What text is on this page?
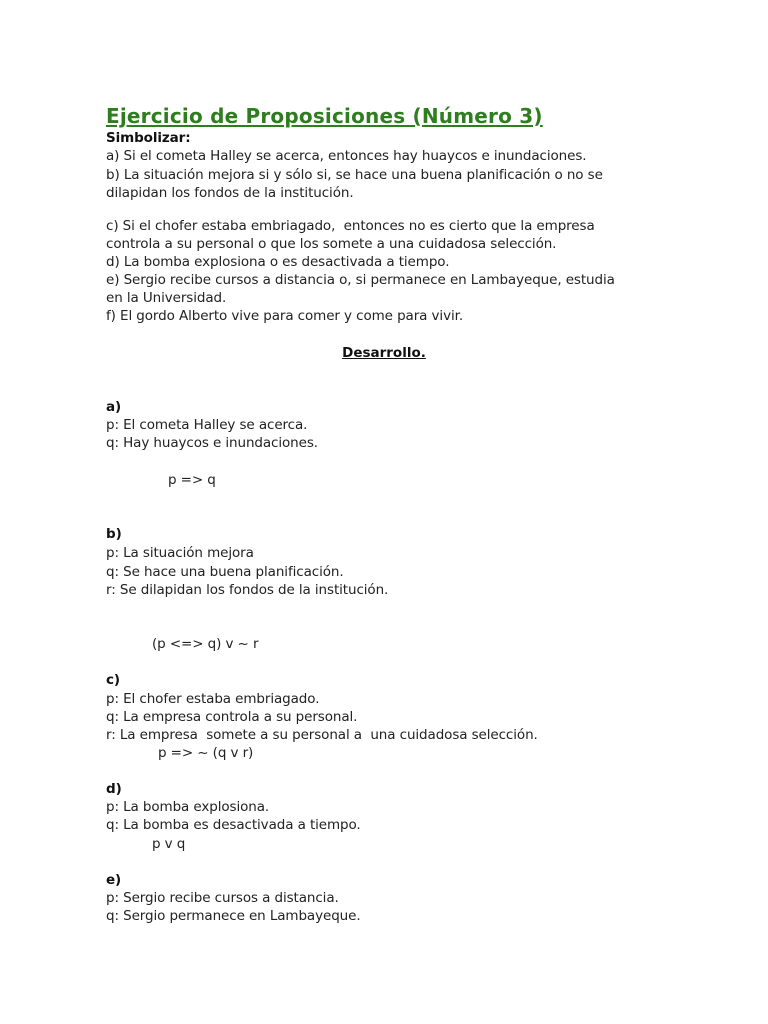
Ejercicio de Proposiciones (Número 3)
Simbolizar:
a) Si el cometa Halley se acerca, entonces hay huaycos e inundaciones.
b) La situación mejora si y sólo si, se hace una buena planificación o no se
dilapidan los fondos de la institución.
c) Si el chofer estaba embriagado,  entonces no es cierto que la empresa
controla a su personal o que los somete a una cuidadosa selección.
d) La bomba explosiona o es desactivada a tiempo.
e) Sergio recibe cursos a distancia o, si permanece en Lambayeque, estudia
en la Universidad.
f) El gordo Alberto vive para comer y come para vivir.
Desarrollo.
a)
p: El cometa Halley se acerca.
q: Hay huaycos e inundaciones.
p => q
b)
p: La situación mejora
q: Se hace una buena planificación.
r: Se dilapidan los fondos de la institución.
(p <=> q) v ~ r
c)
p: El chofer estaba embriagado.
q: La empresa controla a su personal.
r: La empresa  somete a su personal a  una cuidadosa selección.
p => ~ (q v r)
d)
p: La bomba explosiona.
q: La bomba es desactivada a tiempo.
p v q
e)
p: Sergio recibe cursos a distancia.
q: Sergio permanece en Lambayeque.
